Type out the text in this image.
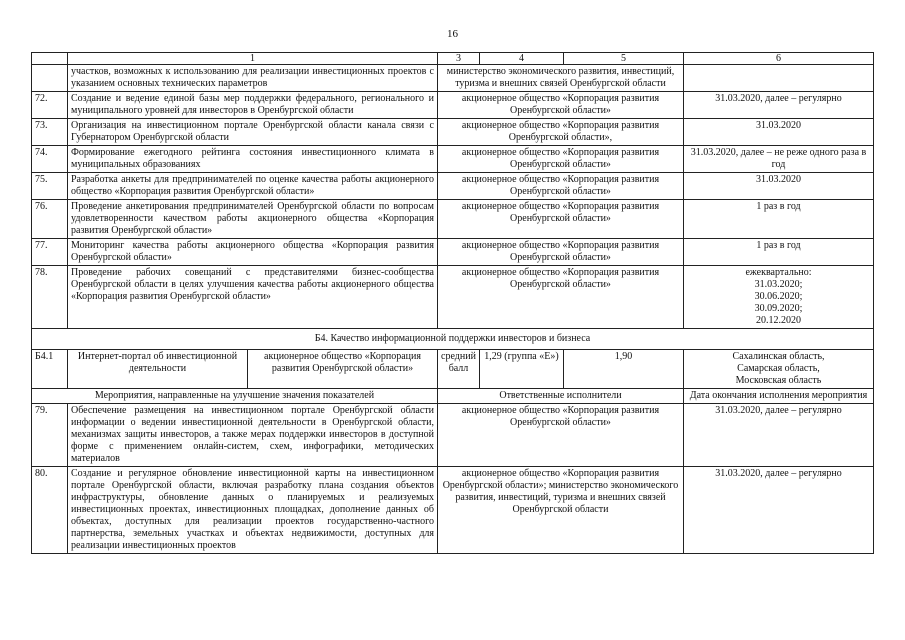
16
	1		3	4	5	6
	участков, возможных к использованию для реализации инвестиционных проектов с указанием основных технических параметров		министерство экономического развития, инвестиций, туризма и внешних связей Оренбургской области			
72.	Создание и ведение единой базы мер поддержки федерального, регионального и муниципального уровней для инвесторов в Оренбургской области		акционерное общество «Корпорация развития Оренбургской области»			31.03.2020, далее – регулярно
73.	Организация на инвестиционном портале Оренбургской области канала связи с Губернатором Оренбургской области		акционерное общество «Корпорация развития Оренбургской области»,			31.03.2020
74.	Формирование ежегодного рейтинга состояния инвестиционного климата в муниципальных образованиях		акционерное общество «Корпорация развития Оренбургской области»			31.03.2020, далее – не реже одного раза в год
75.	Разработка анкеты для предпринимателей по оценке качества работы акционерного общество «Корпорация развития Оренбургской области»		акционерное общество «Корпорация развития Оренбургской области»			31.03.2020
76.	Проведение анкетирования предпринимателей Оренбургской области по вопросам удовлетворенности качеством работы акционерного общества «Корпорация развития Оренбургской области»		акционерное общество «Корпорация развития Оренбургской области»			1 раз в год
77.	Мониторинг качества работы акционерного общества «Корпорация развития Оренбургской области»		акционерное общество «Корпорация развития Оренбургской области»			1 раз в год
78.	Проведение рабочих совещаний с представителями бизнес-сообщества Оренбургской области в целях улучшения качества работы акционерного общества «Корпорация развития Оренбургской области»		акционерное общество «Корпорация развития Оренбургской области»			ежеквартально:
31.03.2020;
30.06.2020;
30.09.2020;
20.12.2020

Б4. Качество информационной поддержки инвесторов и бизнеса						
Б4.1	Интернет-портал об инвестиционной деятельности	акционерное общество «Корпорация развития Оренбургской области»	средний балл	1,29 (группа «Е»)	1,90	Сахалинская область,
Самарская область,
Московская область

Мероприятия, направленные на улучшение значения показателей			Ответственные исполнители			Дата окончания исполнения мероприятия
79.	Обеспечение размещения на инвестиционном портале Оренбургской области информации о ведении инвестиционной деятельности в Оренбургской области, механизмах защиты инвесторов, а также мерах поддержки инвесторов в доступной форме с применением онлайн-систем, схем, инфографики, методических материалов		акционерное общество «Корпорация развития Оренбургской области»			31.03.2020, далее – регулярно
80.	Создание и регулярное обновление инвестиционной карты на инвестиционном портале Оренбургской области, включая разработку плана создания объектов инфраструктуры, обновление данных о планируемых и реализуемых инвестиционных проектах, инвестиционных площадках, дополнение данных об объектах, доступных для реализации проектов государственно-частного партнерства, земельных участках и объектах недвижимости, доступных для реализации инвестиционных проектов		акционерное общество «Корпорация развития Оренбургской области»; министерство экономического развития, инвестиций, туризма и внешних связей Оренбургской области			31.03.2020, далее – регулярно
